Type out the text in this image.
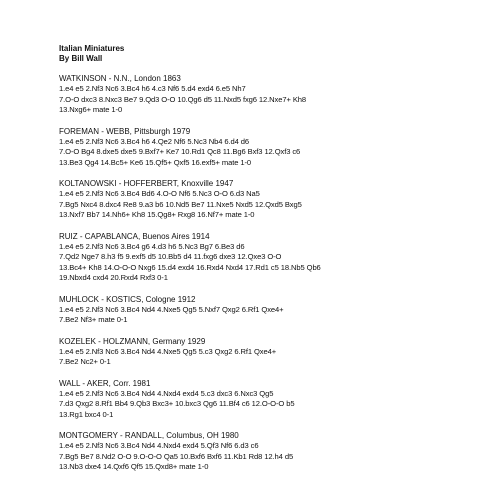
Italian Miniatures
By Bill Wall
WATKINSON - N.N., London 1863
1.e4 e5 2.Nf3 Nc6 3.Bc4 h6 4.c3 Nf6 5.d4 exd4 6.e5 Nh7
7.O-O dxc3 8.Nxc3 Be7 9.Qd3 O-O 10.Qg6 d5 11.Nxd5 fxg6 12.Nxe7+ Kh8
13.Nxg6+ mate 1-0
FOREMAN - WEBB, Pittsburgh 1979
1.e4 e5 2.Nf3 Nc6 3.Bc4 h6 4.Qe2 Nf6 5.Nc3 Nb4 6.d4 d6
7.O-O Bg4 8.dxe5 dxe5 9.Bxf7+ Ke7 10.Rd1 Qc8 11.Bg6 Bxf3 12.Qxf3 c6
13.Be3 Qg4 14.Bc5+ Ke6 15.Qf5+ Qxf5 16.exf5+ mate 1-0
KOLTANOWSKI - HOFFERBERT, Knoxville 1947
1.e4 e5 2.Nf3 Nc6 3.Bc4 Bd6 4.O-O Nf6 5.Nc3 O-O 6.d3 Na5
7.Bg5 Nxc4 8.dxc4 Re8 9.a3 b6 10.Nd5 Be7 11.Nxe5 Nxd5 12.Qxd5 Bxg5
13.Nxf7 Bb7 14.Nh6+ Kh8 15.Qg8+ Rxg8 16.Nf7+ mate 1-0
RUIZ - CAPABLANCA, Buenos Aires 1914
1.e4 e5 2.Nf3 Nc6 3.Bc4 g6 4.d3 h6 5.Nc3 Bg7 6.Be3 d6
7.Qd2 Nge7 8.h3 f5 9.exf5 d5 10.Bb5 d4 11.fxg6 dxe3 12.Qxe3 O-O
13.Bc4+ Kh8 14.O-O-O Nxg6 15.d4 exd4 16.Rxd4 Nxd4 17.Rd1 c5 18.Nb5 Qb6
19.Nbxd4 cxd4 20.Rxd4 Rxf3 0-1
MUHLOCK - KOSTICS, Cologne 1912
1.e4 e5 2.Nf3 Nc6 3.Bc4 Nd4 4.Nxe5 Qg5 5.Nxf7 Qxg2 6.Rf1 Qxe4+
7.Be2 Nf3+ mate 0-1
KOZELEK - HOLZMANN, Germany 1929
1.e4 e5 2.Nf3 Nc6 3.Bc4 Nd4 4.Nxe5 Qg5 5.c3 Qxg2 6.Rf1 Qxe4+
7.Be2 Nc2+ 0-1
WALL - AKER, Corr. 1981
1.e4 e5 2.Nf3 Nc6 3.Bc4 Nd4 4.Nxd4 exd4 5.c3 dxc3 6.Nxc3 Qg5
7.d3 Qxg2 8.Rf1 Bb4 9.Qb3 Bxc3+ 10.bxc3 Qg6 11.Bf4 c6 12.O-O-O b5
13.Rg1 bxc4 0-1
MONTGOMERY - RANDALL, Columbus, OH 1980
1.e4 e5 2.Nf3 Nc6 3.Bc4 Nd4 4.Nxd4 exd4 5.Qf3 Nf6 6.d3 c6
7.Bg5 Be7 8.Nd2 O-O 9.O-O-O Qa5 10.Bxf6 Bxf6 11.Kb1 Rd8 12.h4 d5
13.Nb3 dxe4 14.Qxf6 Qf5 15.Qxd8+ mate 1-0
